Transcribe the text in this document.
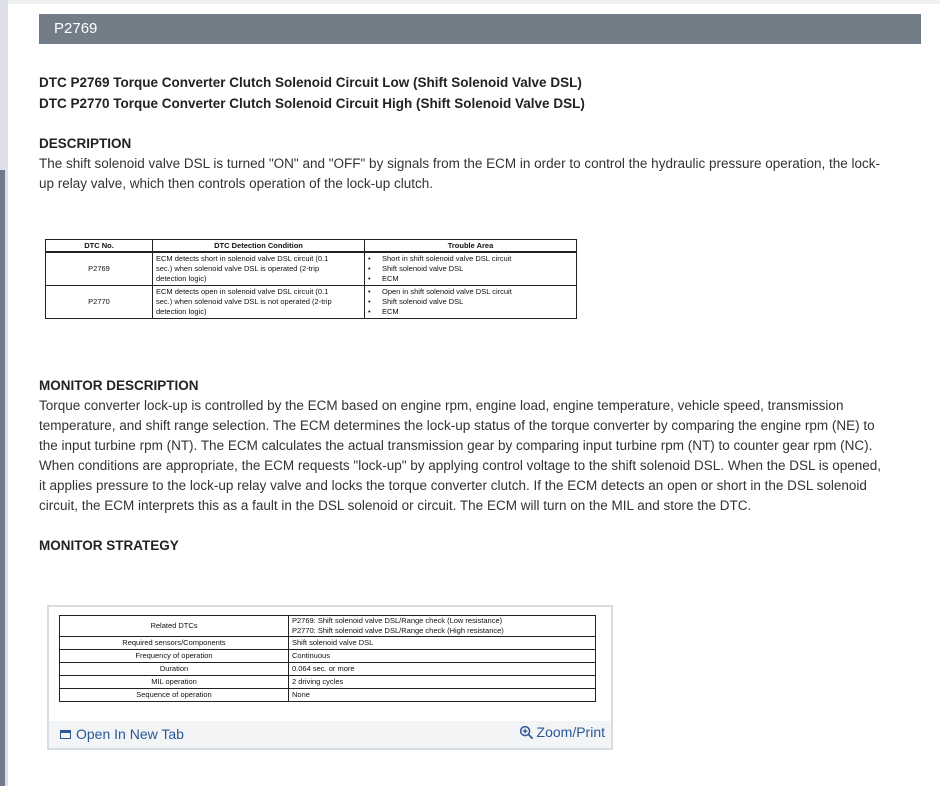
P2769

DTC P2769 Torque Converter Clutch Solenoid Circuit Low (Shift Solenoid Valve DSL)

DTC P2770 Torque Converter Clutch Solenoid Circuit High (Shift Solenoid Valve DSL)

DESCRIPTION

The shift solenoid valve DSL is turned "ON" and "OFF" by signals from the ECM in order to control the hydraulic pressure operation, the lock-

up relay valve, which then controls operation of the lock-up clutch.

DTC No.	DTC Detection Condition	Trouble Area
P2769	ECM detects short in solenoid valve DSL circuit (0.1
sec.) when solenoid valve DSL is operated (2-trip
detection logic)	• Short in shift solenoid valve DSL circuit
• Shift solenoid valve DSL
• ECM

P2770	ECM detects open in solenoid valve DSL circuit (0.1
sec.) when solenoid valve DSL is not operated (2-trip
detection logic)	• Open in shift solenoid valve DSL circuit
• Shift solenoid valve DSL
• ECM

MONITOR DESCRIPTION

Torque converter lock-up is controlled by the ECM based on engine rpm, engine load, engine temperature, vehicle speed, transmission

temperature, and shift range selection. The ECM determines the lock-up status of the torque converter by comparing the engine rpm (NE) to

the input turbine rpm (NT). The ECM calculates the actual transmission gear by comparing input turbine rpm (NT) to counter gear rpm (NC).

When conditions are appropriate, the ECM requests "lock-up" by applying control voltage to the shift solenoid DSL. When the DSL is opened,

it applies pressure to the lock-up relay valve and locks the torque converter clutch. If the ECM detects an open or short in the DSL solenoid

circuit, the ECM interprets this as a fault in the DSL solenoid or circuit. The ECM will turn on the MIL and store the DTC.

MONITOR STRATEGY

Related DTCs	P2769: Shift solenoid valve DSL/Range check (Low resistance)
P2770: Shift solenoid valve DSL/Range check (High resistance)

Required sensors/Components	Shift solenoid valve DSL
Frequency of operation	Continuous
Duration	0.064 sec. or more
MIL operation	2 driving cycles
Sequence of operation	None
Open In New Tab	Zoom/Print
